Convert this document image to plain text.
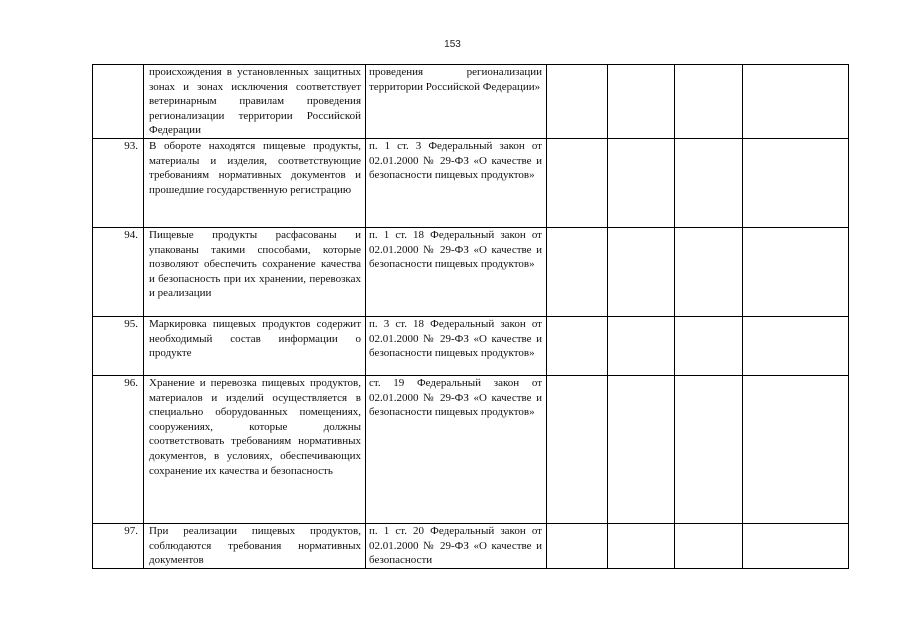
153
	происхождения в установленных защитных зонах и зонах исключения соответствует ветеринарным правилам проведения регионализации территории Российской Федерации	проведения регионализации территории Российской Федерации»				
93.	В обороте находятся пищевые продукты, материалы и изделия, соответствующие требованиям нормативных документов и прошедшие государственную регистрацию	п. 1 ст. 3 Федеральный закон от 02.01.2000 № 29-ФЗ «О качестве и безопасности пищевых продуктов»				
94.	Пищевые продукты расфасованы и упакованы такими способами, которые позволяют обеспечить сохранение качества и безопасность при их хранении, перевозках и реализации	п. 1 ст. 18 Федеральный закон от 02.01.2000 № 29-ФЗ «О качестве и безопасности пищевых продуктов»				
95.	Маркировка пищевых продуктов содержит необходимый состав информации о продукте	п. 3 ст. 18 Федеральный закон от 02.01.2000 № 29-ФЗ «О качестве и безопасности пищевых продуктов»				
96.	Хранение и перевозка пищевых продуктов, материалов и изделий осуществляется в специально оборудованных помещениях, сооружениях, которые должны соответствовать требованиям нормативных документов, в условиях, обеспечивающих сохранение их качества и безопасность	ст. 19 Федеральный закон от 02.01.2000 № 29-ФЗ «О качестве и безопасности пищевых продуктов»				
97.	При реализации пищевых продуктов, соблюдаются требования нормативных документов	п. 1 ст. 20 Федеральный закон от 02.01.2000 № 29-ФЗ «О качестве и безопасности				
